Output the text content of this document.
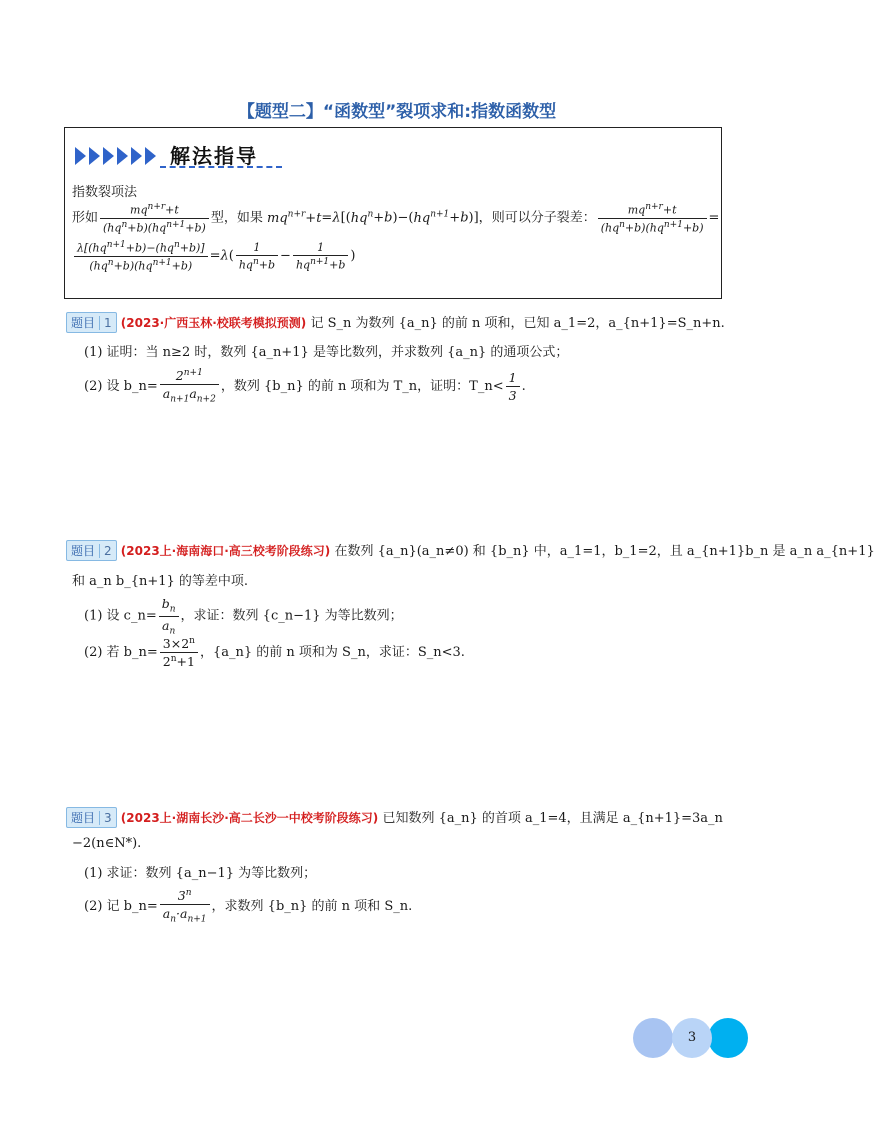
【题型二】“函数型”裂项求和:指数函数型
解法指导
指数裂项法
形如 $\frac{mq^{n+r}+t}{(hq^n+b)(hq^{n+1}+b)}$ 型，如果 $mq^{n+r}+t=\lambda[(hq^n+b)-(hq^{n+1}+b)]$，则可以分子裂差： $\frac{mq^{n+r}+t}{(hq^n+b)(hq^{n+1}+b)}$ =
$\frac{\lambda[(hq^{n+1}+b)-(hq^n+b)]}{(hq^n+b)(hq^{n+1}+b)} =\lambda( \frac{1}{hq^n+b} - \frac{1}{hq^{n+1}+b}$ )
题目 1 (2023·广西玉林·校联考模拟预测) 记 S_n 为数列 {a_n} 的前 n 项和，已知 a_1=2，a_{n+1}=S_n+n.
(1) 证明：当 n≥2 时，数列 {a_n+1} 是等比数列，并求数列 {a_n} 的通项公式；
(2) 设 b_n= $\frac{2^{n+1}}{a_{n+1}a_{n+2}}$ ，数列 {b_n} 的前 n 项和为 T_n，证明：T_n< $\frac{1}{3}$ .
题目 2 (2023上·海南海口·高三校考阶段练习) 在数列 {a_n}(a_n≠0) 和 {b_n} 中，a_1=1，b_1=2，且 a_{n+1}b_n 是 a_n a_{n+1}
和 a_n b_{n+1} 的等差中项.
(1) 设 c_n= $\frac{b_n}{a_n}$ ，求证：数列 {c_n−1} 为等比数列；
(2) 若 b_n= $\frac{3\times 2^n}{2^n+1}$ ，{a_n} 的前 n 项和为 S_n，求证：S_n<3.
题目 3 (2023上·湖南长沙·高二长沙一中校考阶段练习) 已知数列 {a_n} 的首项 a_1=4，且满足 a_{n+1}=3a_n
−2(n∈N*).
(1) 求证：数列 {a_n−1} 为等比数列；
(2) 记 b_n= $\frac{3^n}{a_n\cdot a_{n+1}}$ ，求数列 {b_n} 的前 n 项和 S_n.
3
